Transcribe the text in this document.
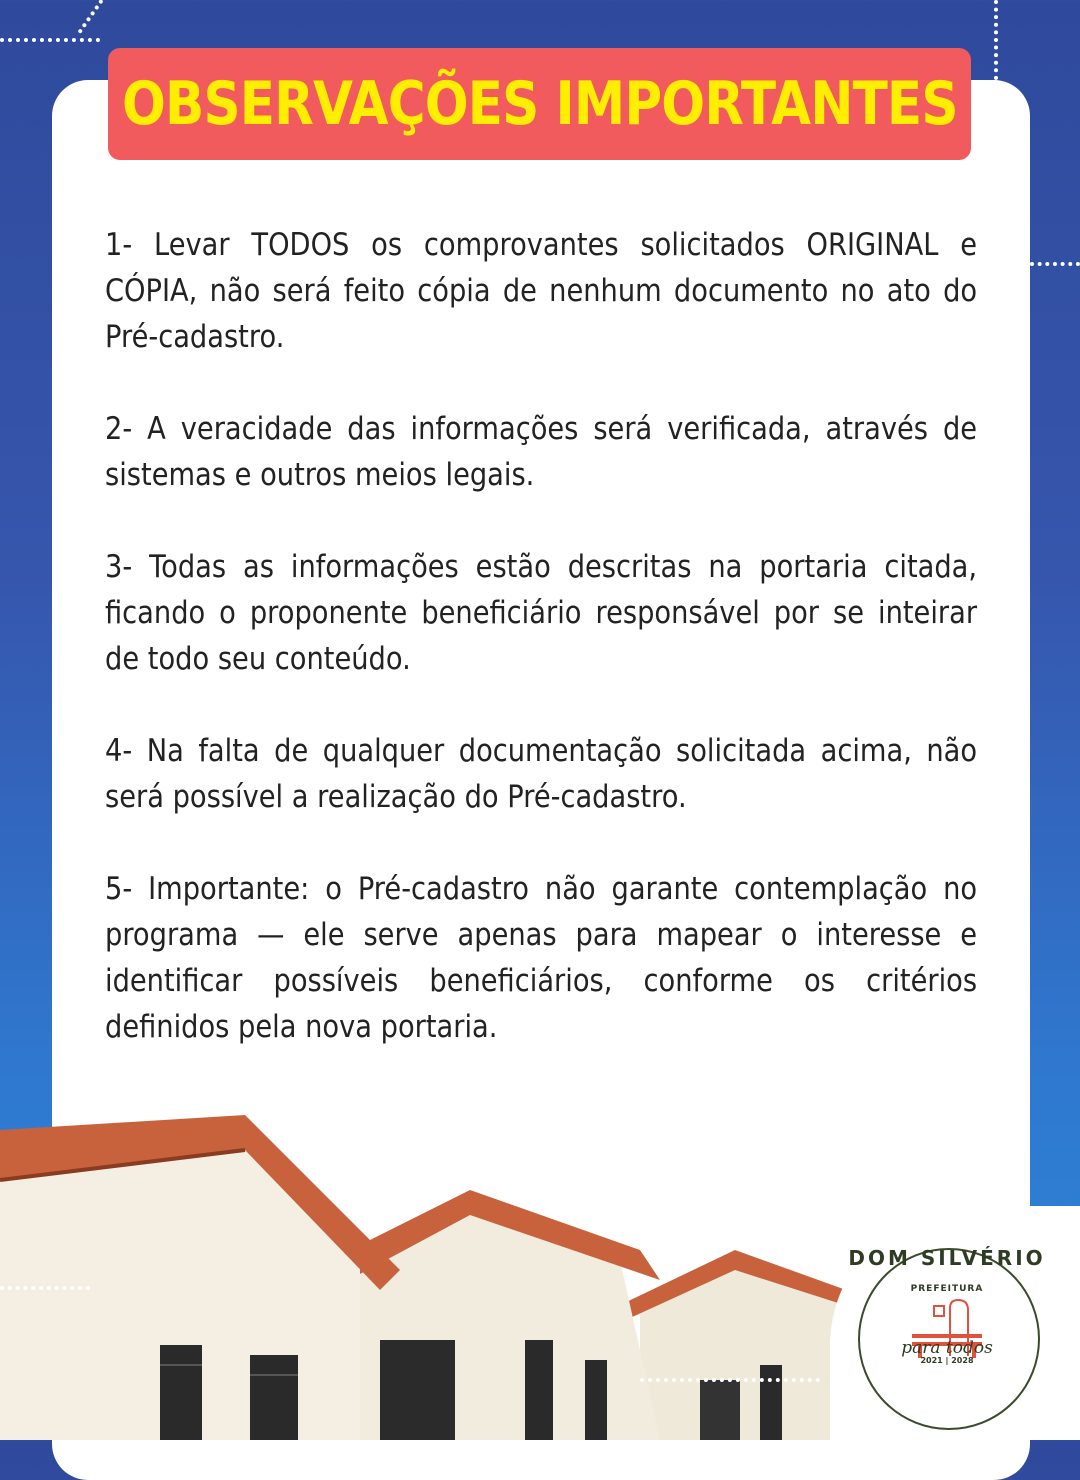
OBSERVAÇÕES IMPORTANTES

1- Levar TODOS os comprovantes solicitados ORIGINAL e CÓPIA, não será feito cópia de nenhum documento no ato do Pré-cadastro.

2- A veracidade das informações será verificada, através de sistemas e outros meios legais.

3- Todas as informações estão descritas na portaria citada, ficando o proponente beneficiário responsável por se inteirar de todo seu conteúdo.

4- Na falta de qualquer documentação solicitada acima, não será possível a realização do Pré-cadastro.

5- Importante: o Pré-cadastro não garante contemplação no programa — ele serve apenas para mapear o interesse e identificar possíveis beneficiários, conforme os critérios definidos pela nova portaria.

DOM SILVÉRIO
PREFEITURA
para todos
2021 | 2028
